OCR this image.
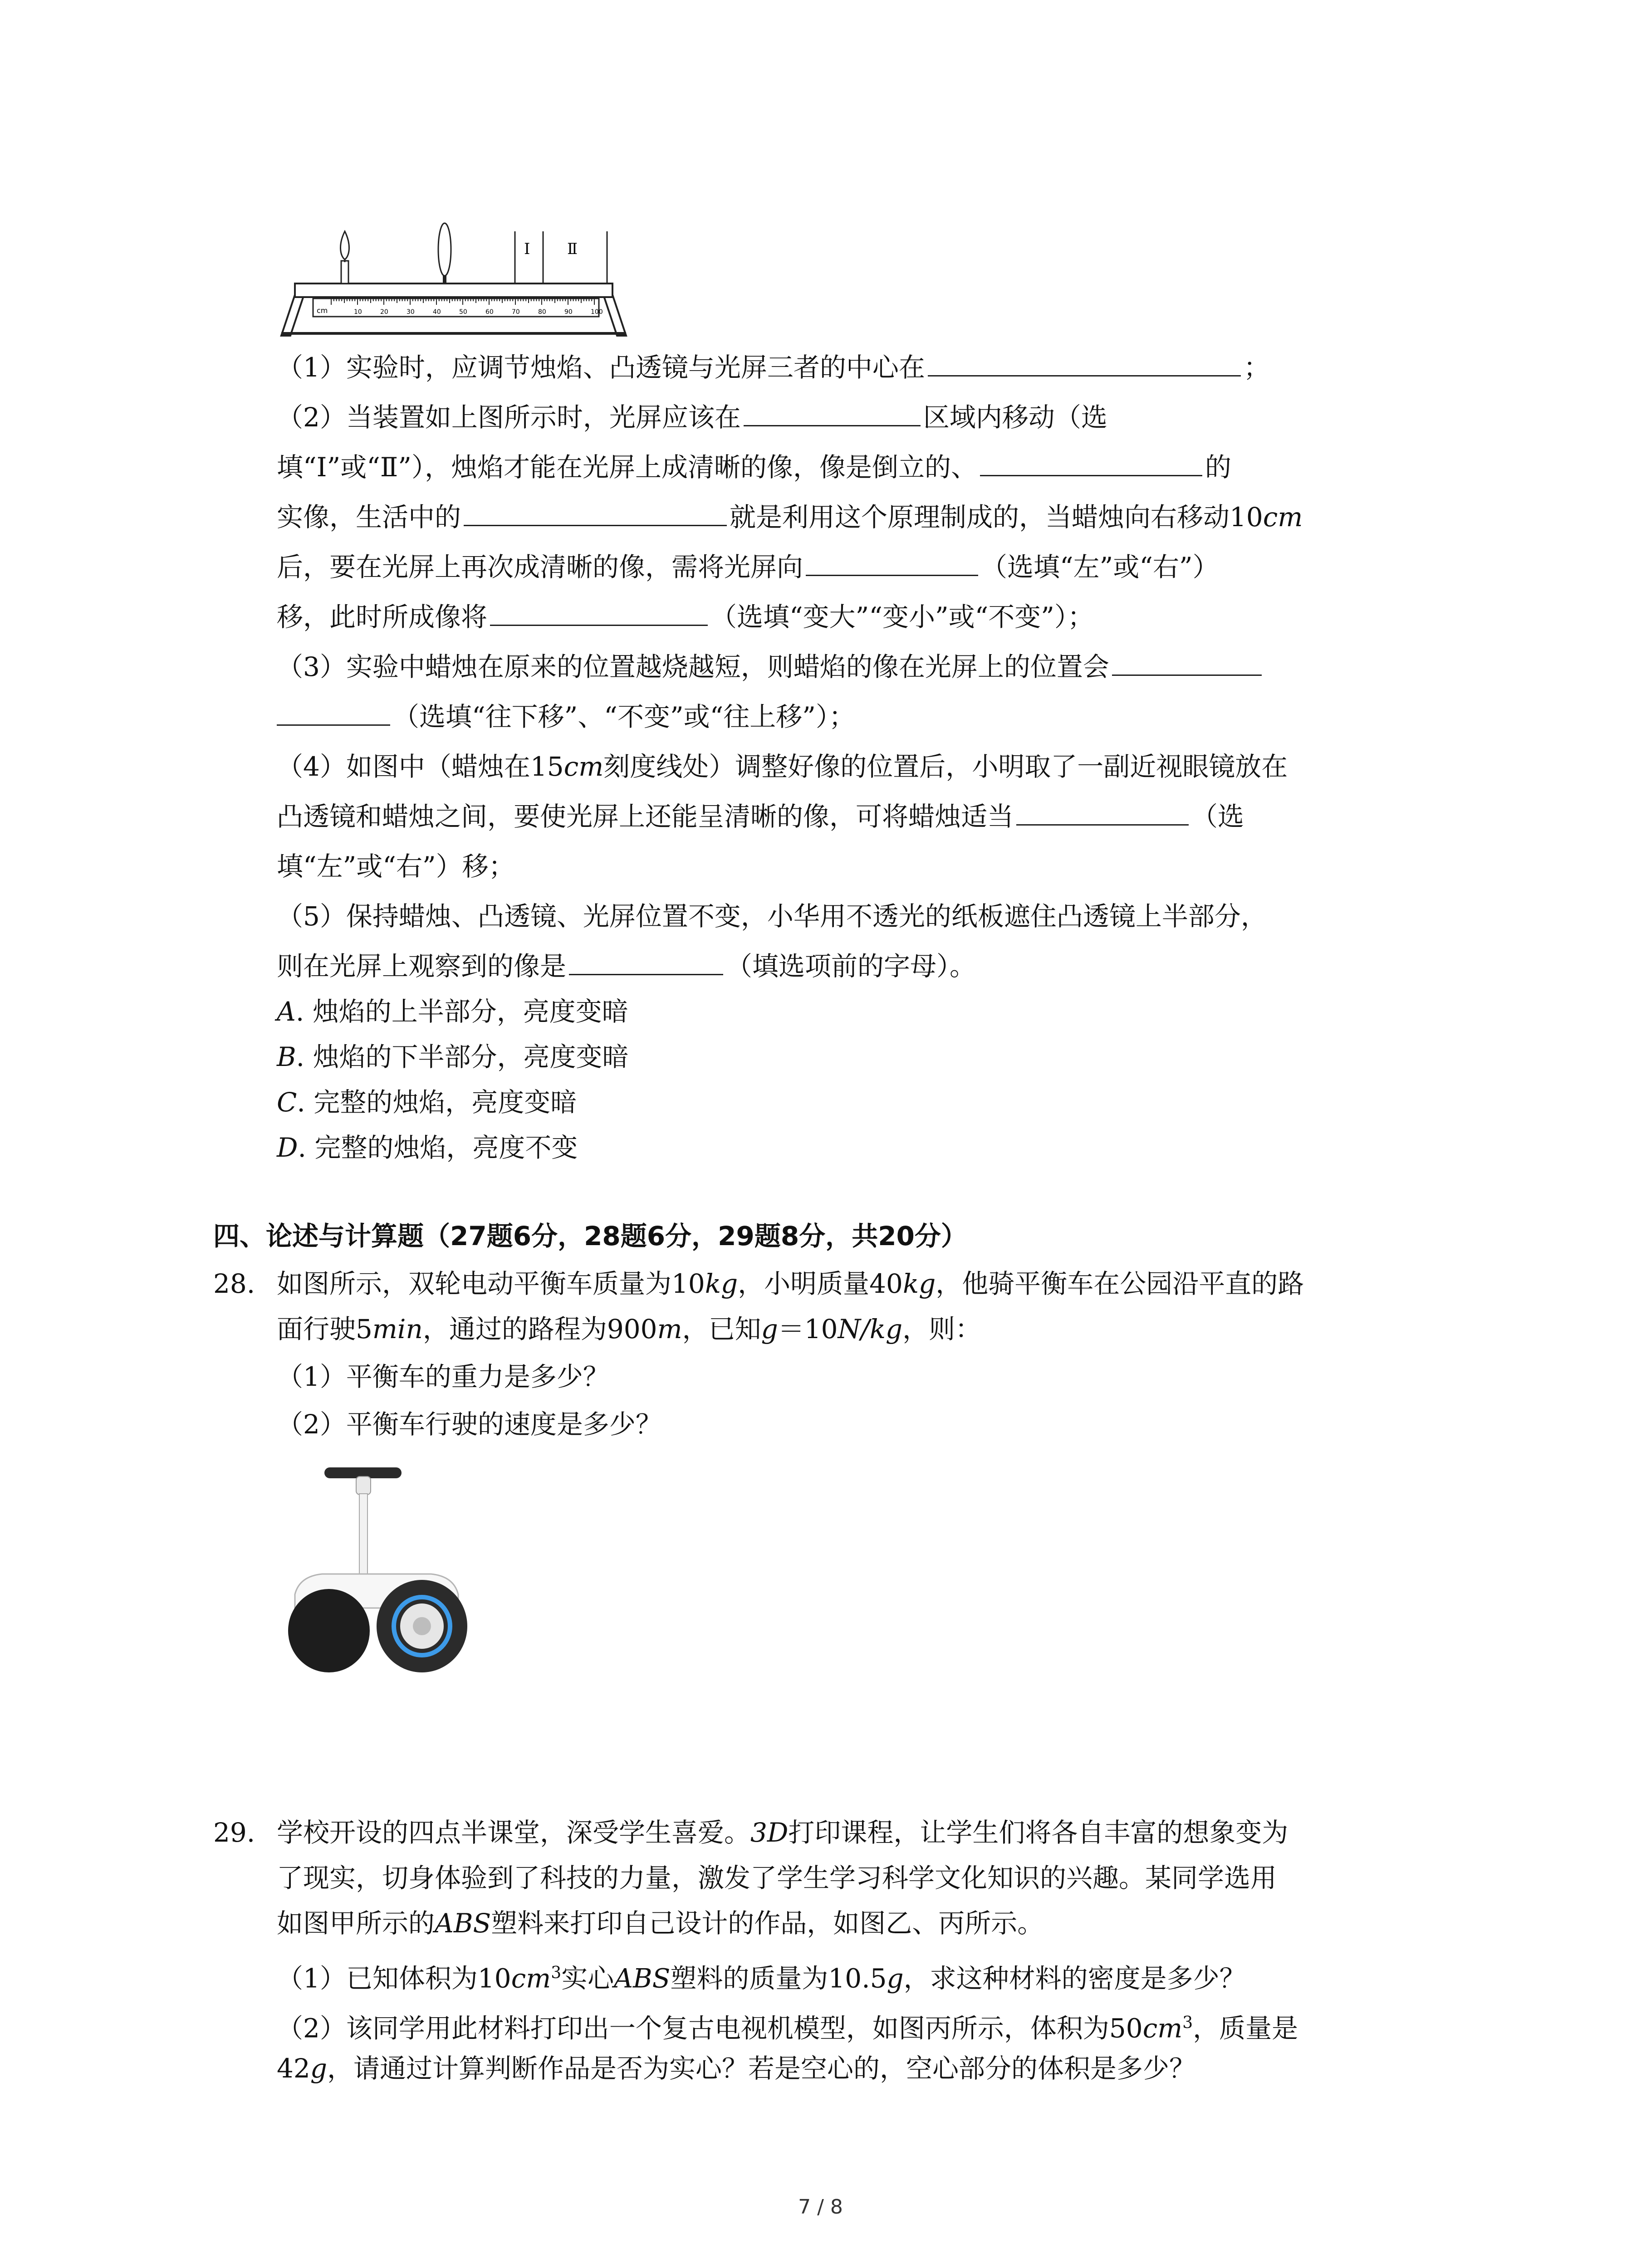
cm	10	20	30	40	50	60	70	80	90	100
Ⅰ Ⅱ
（1）实验时，应调节烛焰、凸透镜与光屏三者的中心在	；
（2）当装置如上图所示时，光屏应该在	区域内移动（选
填“Ⅰ”或“Ⅱ”），烛焰才能在光屏上成清晰的像，像是倒立的、	的
实像，生活中的	就是利用这个原理制成的，当蜡烛向右移动10cm
后，要在光屏上再次成清晰的像，需将光屏向	（选填“左”或“右”）
移，此时所成像将	（选填“变大”“变小”或“不变”）；
（3）实验中蜡烛在原来的位置越烧越短，则蜡焰的像在光屏上的位置会
（选填“往下移”、“不变”或“往上移”）；
（4）如图中（蜡烛在15cm刻度线处）调整好像的位置后，小明取了一副近视眼镜放在
凸透镜和蜡烛之间，要使光屏上还能呈清晰的像，可将蜡烛适当	（选
填“左”或“右”）移；
（5）保持蜡烛、凸透镜、光屏位置不变，小华用不透光的纸板遮住凸透镜上半部分，
则在光屏上观察到的像是	（填选项前的字母）。
A. 烛焰的上半部分，亮度变暗
B. 烛焰的下半部分，亮度变暗
C. 完整的烛焰，亮度变暗
D. 完整的烛焰，亮度不变
四、论述与计算题（27题6分，28题6分，29题8分，共20分）
28. 如图所示，双轮电动平衡车质量为10kg，小明质量40kg，他骑平衡车在公园沿平直的路
面行驶5min，通过的路程为900m，已知g＝10N/kg，则：
（1）平衡车的重力是多少？
（2）平衡车行驶的速度是多少？
29. 学校开设的四点半课堂，深受学生喜爱。3D打印课程，让学生们将各自丰富的想象变为
了现实，切身体验到了科技的力量，激发了学生学习科学文化知识的兴趣。某同学选用
如图甲所示的ABS塑料来打印自己设计的作品，如图乙、丙所示。
（1）已知体积为$10cm^3$实心ABS塑料的质量为10.5g，求这种材料的密度是多少？
（2）该同学用此材料打印出一个复古电视机模型，如图丙所示，体积为$50cm^3$，质量是
42g，请通过计算判断作品是否为实心？若是空心的，空心部分的体积是多少？
7 / 8
